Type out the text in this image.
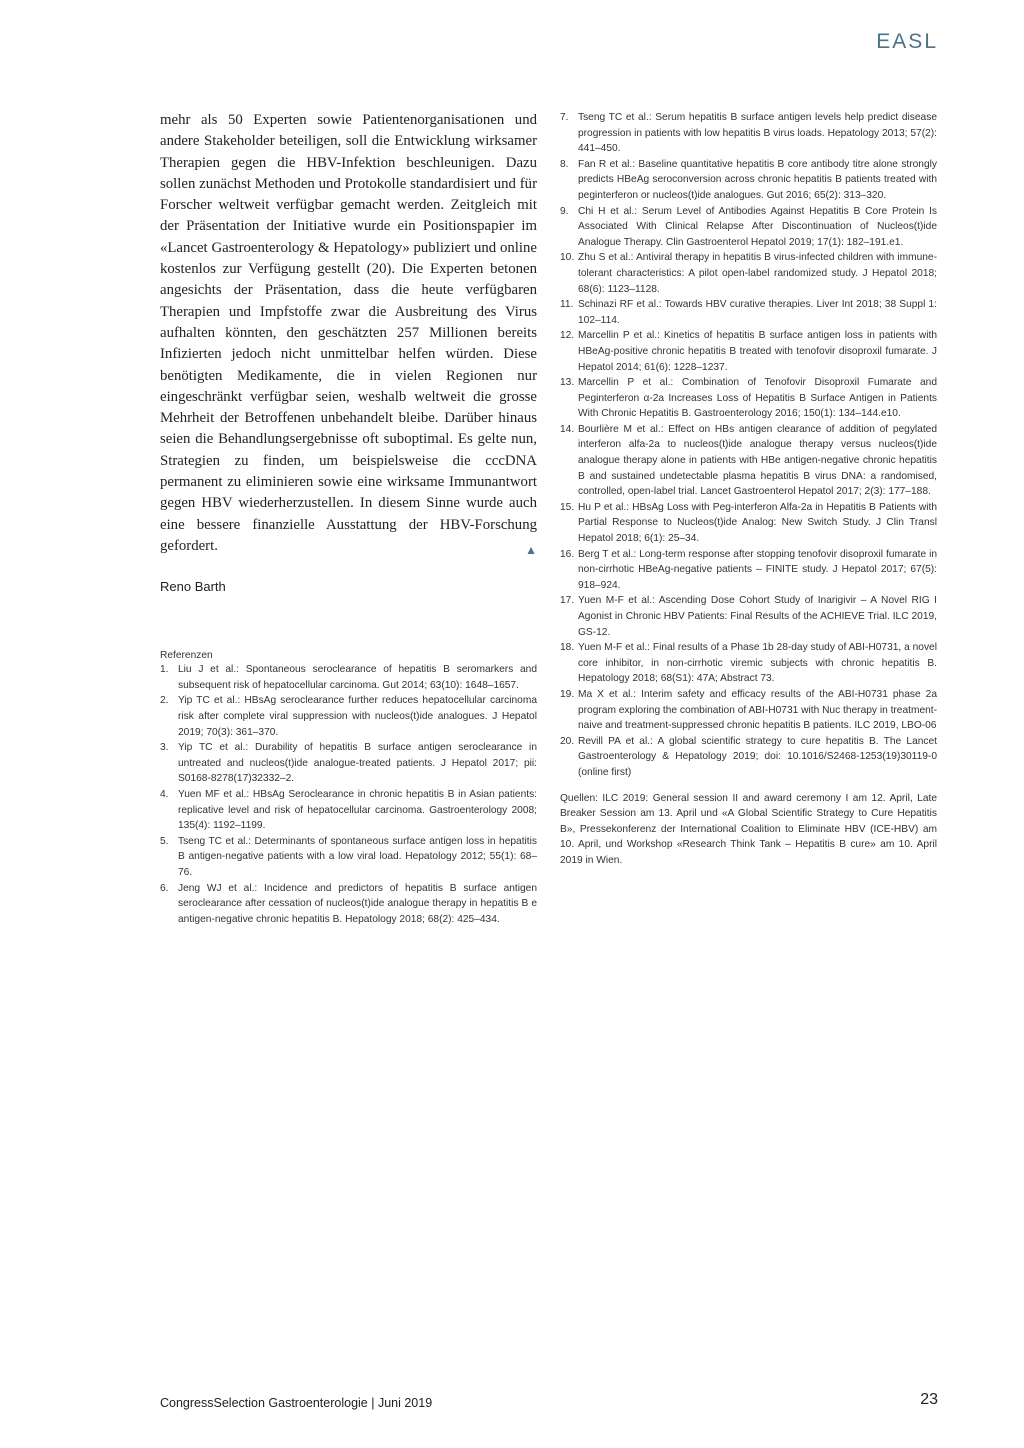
EASL

mehr als 50 Experten sowie Patientenorganisationen und andere Stakeholder beteiligen, soll die Entwicklung wirksamer Therapien gegen die HBV-Infektion beschleunigen. Dazu sollen zunächst Methoden und Protokolle standardisiert und für Forscher weltweit verfügbar gemacht werden. Zeitgleich mit der Präsentation der Initiative wurde ein Positionspapier im «Lancet Gastroenterology & Hepatology» publiziert und online kostenlos zur Verfügung gestellt (20). Die Experten betonen angesichts der Präsentation, dass die heute verfügbaren Therapien und Impfstoffe zwar die Ausbreitung des Virus aufhalten könnten, den geschätzten 257 Millionen bereits Infizierten jedoch nicht unmittelbar helfen würden. Diese benötigten Medikamente, die in vielen Regionen nur eingeschränkt verfügbar seien, weshalb weltweit die grosse Mehrheit der Betroffenen unbehandelt bleibe. Darüber hinaus seien die Behandlungsergebnisse oft suboptimal. Es gelte nun, Strategien zu finden, um beispielsweise die cccDNA permanent zu eliminieren sowie eine wirksame Immunantwort gegen HBV wiederherzustellen. In diesem Sinne wurde auch eine bessere finanzielle Ausstattung der HBV-Forschung gefordert.	▲

Reno Barth
Referenzen
1. Liu J et al.: Spontaneous seroclearance of hepatitis B seromarkers and subsequent risk of hepatocellular carcinoma. Gut 2014; 63(10): 1648–1657.
2. Yip TC et al.: HBsAg seroclearance further reduces hepatocellular carcinoma risk after complete viral suppression with nucleos(t)ide analogues. J Hepatol 2019; 70(3): 361–370.
3. Yip TC et al.: Durability of hepatitis B surface antigen seroclearance in untreated and nucleos(t)ide analogue-treated patients. J Hepatol 2017; pii: S0168-8278(17)32332–2.
4. Yuen MF et al.: HBsAg Seroclearance in chronic hepatitis B in Asian patients: replicative level and risk of hepatocellular carcinoma. Gastroenterology 2008; 135(4): 1192–1199.
5. Tseng TC et al.: Determinants of spontaneous surface antigen loss in hepatitis B antigen-negative patients with a low viral load. Hepatology 2012; 55(1): 68–76.
6. Jeng WJ et al.: Incidence and predictors of hepatitis B surface antigen seroclearance after cessation of nucleos(t)ide analogue therapy in hepatitis B e antigen-negative chronic hepatitis B. Hepatology 2018; 68(2): 425–434.
7. Tseng TC et al.: Serum hepatitis B surface antigen levels help predict disease progression in patients with low hepatitis B virus loads. Hepatology 2013; 57(2): 441–450.
8. Fan R et al.: Baseline quantitative hepatitis B core antibody titre alone strongly predicts HBeAg seroconversion across chronic hepatitis B patients treated with peginterferon or nucleos(t)ide analogues. Gut 2016; 65(2): 313–320.
9. Chi H et al.: Serum Level of Antibodies Against Hepatitis B Core Protein Is Associated With Clinical Relapse After Discontinuation of Nucleos(t)ide Analogue Therapy. Clin Gastroenterol Hepatol 2019; 17(1): 182–191.e1.
10. Zhu S et al.: Antiviral therapy in hepatitis B virus-infected children with immune-tolerant characteristics: A pilot open-label randomized study. J Hepatol 2018; 68(6): 1123–1128.
11. Schinazi RF et al.: Towards HBV curative therapies. Liver Int 2018; 38 Suppl 1: 102–114.
12. Marcellin P et al.: Kinetics of hepatitis B surface antigen loss in patients with HBeAg-positive chronic hepatitis B treated with tenofovir disoproxil fumarate. J Hepatol 2014; 61(6): 1228–1237.
13. Marcellin P et al.: Combination of Tenofovir Disoproxil Fumarate and Peginterferon α-2a Increases Loss of Hepatitis B Surface Antigen in Patients With Chronic Hepatitis B. Gastroenterology 2016; 150(1): 134–144.e10.
14. Bourlière M et al.: Effect on HBs antigen clearance of addition of pegylated interferon alfa-2a to nucleos(t)ide analogue therapy versus nucleos(t)ide analogue therapy alone in patients with HBe antigen-negative chronic hepatitis B and sustained undetectable plasma hepatitis B virus DNA: a randomised, controlled, open-label trial. Lancet Gastroenterol Hepatol 2017; 2(3): 177–188.
15. Hu P et al.: HBsAg Loss with Peg-interferon Alfa-2a in Hepatitis B Patients with Partial Response to Nucleos(t)ide Analog: New Switch Study. J Clin Transl Hepatol 2018; 6(1): 25–34.
16. Berg T et al.: Long-term response after stopping tenofovir disoproxil fumarate in non-cirrhotic HBeAg-negative patients – FINITE study. J Hepatol 2017; 67(5): 918–924.
17. Yuen M-F et al.: Ascending Dose Cohort Study of Inarigivir – A Novel RIG I Agonist in Chronic HBV Patients: Final Results of the ACHIEVE Trial. ILC 2019, GS-12.
18. Yuen M-F et al.: Final results of a Phase 1b 28-day study of ABI-H0731, a novel core inhibitor, in non-cirrhotic viremic subjects with chronic hepatitis B. Hepatology 2018; 68(S1): 47A; Abstract 73.
19. Ma X et al.: Interim safety and efficacy results of the ABI-H0731 phase 2a program exploring the combination of ABI-H0731 with Nuc therapy in treatment-naive and treatment-suppressed chronic hepatitis B patients. ILC 2019, LBO-06
20. Revill PA et al.: A global scientific strategy to cure hepatitis B. The Lancet Gastroenterology & Hepatology 2019; doi: 10.1016/S2468-1253(19)30119-0 (online first)
Quellen: ILC 2019: General session II and award ceremony I am 12. April, Late Breaker Session am 13. April und «A Global Scientific Strategy to Cure Hepatitis B», Pressekonferenz der International Coalition to Eliminate HBV (ICE-HBV) am 10. April, und Workshop «Research Think Tank – Hepatitis B cure» am 10. April 2019 in Wien.
CongressSelection Gastroenterologie | Juni 2019	23
